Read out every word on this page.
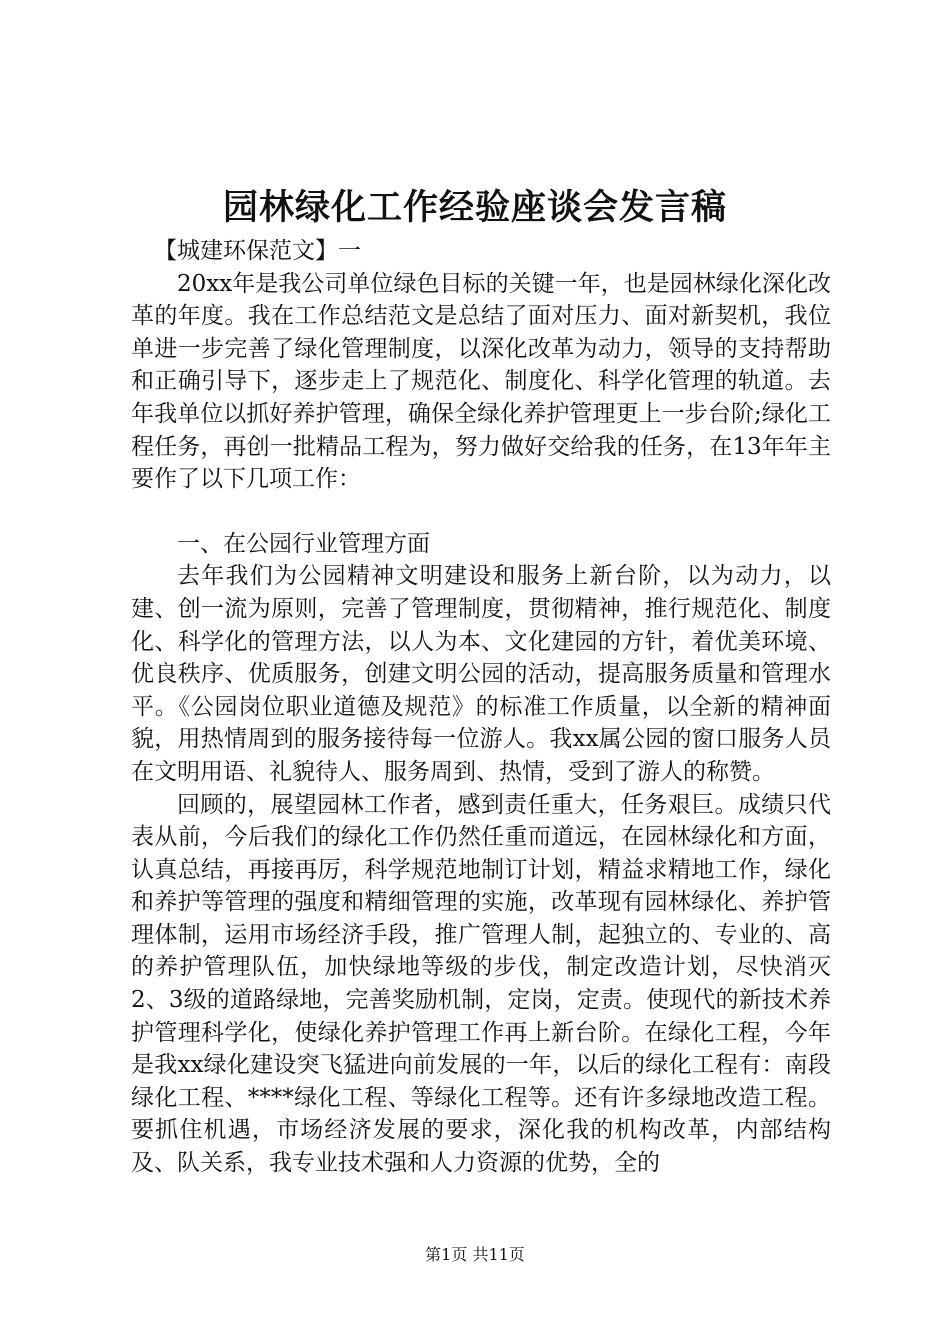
园林绿化工作经验座谈会发言稿

【城建环保范文】一

20xx年是我公司单位绿色目标的关键一年，也是园林绿化深化改革的年度。我在工作总结范文是总结了面对压力、面对新契机，我位单进一步完善了绿化管理制度，以深化改革为动力，领导的支持帮助和正确引导下，逐步走上了规范化、制度化、科学化管理的轨道。去年我单位以抓好养护管理，确保全绿化养护管理更上一步台阶;绿化工程任务，再创一批精品工程为，努力做好交给我的任务，在13年年主要作了以下几项工作：

一、在公园行业管理方面

去年我们为公园精神文明建设和服务上新台阶，以为动力，以建、创一流为原则，完善了管理制度，贯彻精神，推行规范化、制度化、科学化的管理方法，以人为本、文化建园的方针，着优美环境、优良秩序、优质服务，创建文明公园的活动，提高服务质量和管理水平。《公园岗位职业道德及规范》的标准工作质量，以全新的精神面貌，用热情周到的服务接待每一位游人。我xx属公园的窗口服务人员在文明用语、礼貌待人、服务周到、热情，受到了游人的称赞。

回顾的，展望园林工作者，感到责任重大，任务艰巨。成绩只代表从前，今后我们的绿化工作仍然任重而道远，在园林绿化和方面，认真总结，再接再厉，科学规范地制订计划，精益求精地工作，绿化和养护等管理的强度和精细管理的实施，改革现有园林绿化、养护管理体制，运用市场经济手段，推广管理人制，起独立的、专业的、高的养护管理队伍，加快绿地等级的步伐，制定改造计划，尽快消灭2、3级的道路绿地，完善奖励机制，定岗，定责。使现代的新技术养护管理科学化，使绿化养护管理工作再上新台阶。在绿化工程，今年是我xx绿化建设突飞猛进向前发展的一年，以后的绿化工程有：南段绿化工程、****绿化工程、等绿化工程等。还有许多绿地改造工程。要抓住机遇，市场经济发展的要求，深化我的机构改革，内部结构及、队关系，我专业技术强和人力资源的优势，全的

第1页 共11页
